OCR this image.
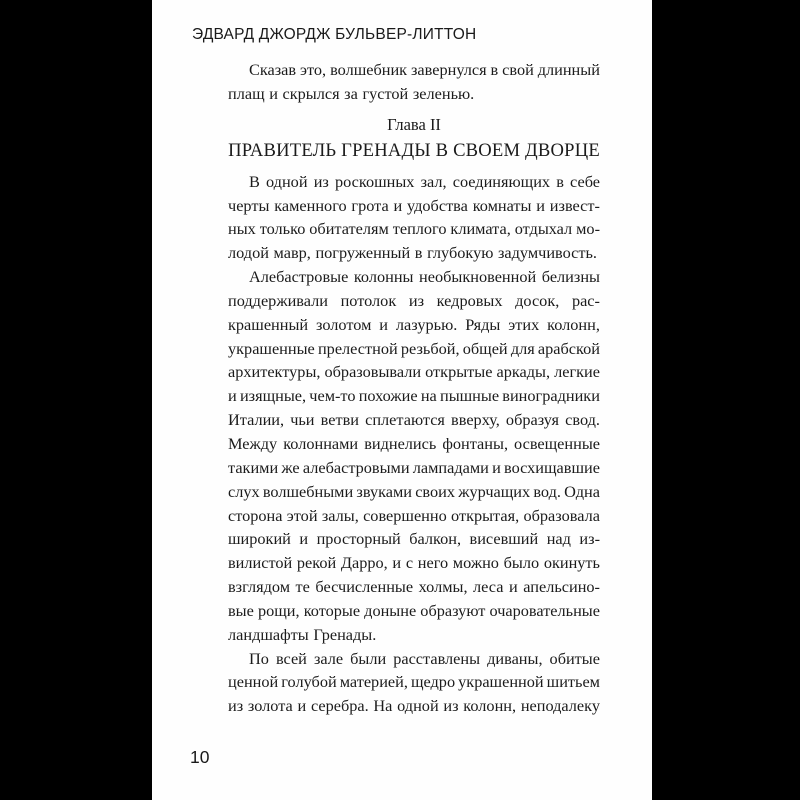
ЭДВАРД ДЖОРДЖ БУЛЬВЕР-ЛИТТОН
Сказав это, волшебник завернулся в свой длинный
плащ и скрылся за густой зеленью.
Глава II
ПРАВИТЕЛЬ ГРЕНАДЫ В СВОЕМ ДВОРЦЕ
В одной из роскошных зал, соединяющих в себе
черты каменного грота и удобства комнаты и извест-
ных только обитателям теплого климата, отдыхал мо-
лодой мавр, погруженный в глубокую задумчивость.
Алебастровые колонны необыкновенной белизны
поддерживали потолок из кедровых досок, рас-
крашенный золотом и лазурью. Ряды этих колонн,
украшенные прелестной резьбой, общей для арабской
архитектуры, образовывали открытые аркады, легкие
и изящные, чем-то похожие на пышные виноградники
Италии, чьи ветви сплетаются вверху, образуя свод.
Между колоннами виднелись фонтаны, освещенные
такими же алебастровыми лампадами и восхищавшие
слух волшебными звуками своих журчащих вод. Одна
сторона этой залы, совершенно открытая, образовала
широкий и просторный балкон, висевший над из-
вилистой рекой Дарро, и с него можно было окинуть
взглядом те бесчисленные холмы, леса и апельсино-
вые рощи, которые доныне образуют очаровательные
ландшафты Гренады.
По всей зале были расставлены диваны, обитые
ценной голубой материей, щедро украшенной шитьем
из золота и серебра. На одной из колонн, неподалеку
10
